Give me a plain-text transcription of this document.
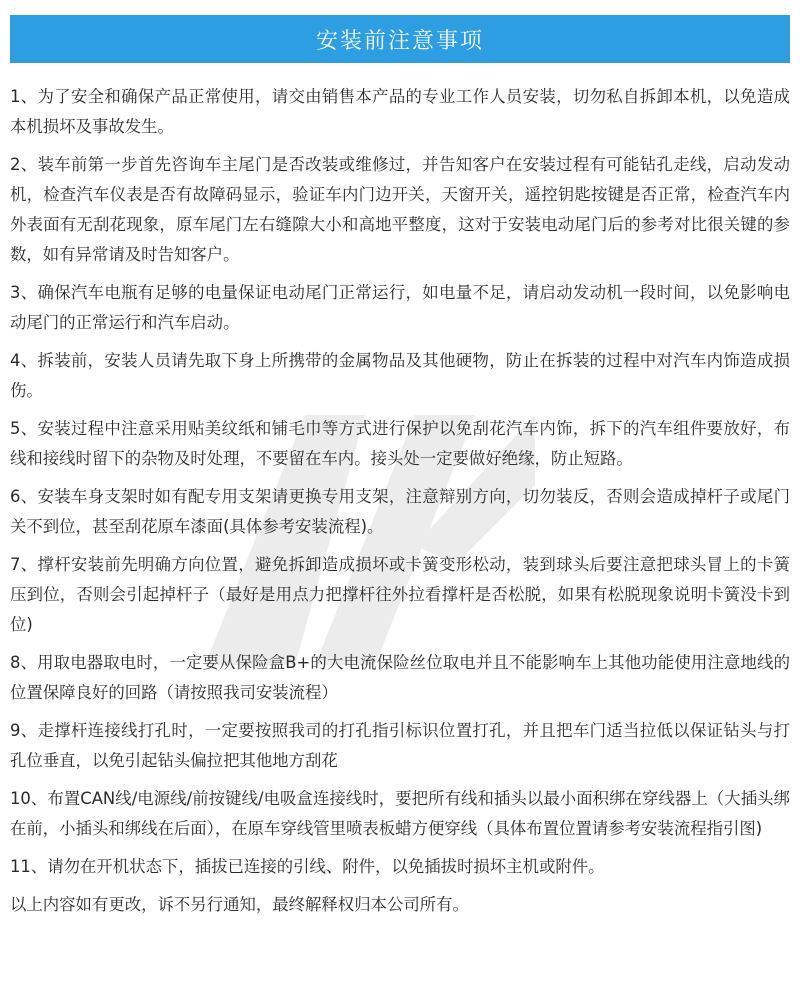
安装前注意事项

1、为了安全和确保产品正常使用，请交由销售本产品的专业工作人员安装，切勿私自拆卸本机，以免造成本机损坏及事故发生。

2、装车前第一步首先咨询车主尾门是否改装或维修过，并告知客户在安装过程有可能钻孔走线，启动发动机，检查汽车仪表是否有故障码显示，验证车内门边开关，天窗开关，遥控钥匙按键是否正常，检查汽车内外表面有无刮花现象，原车尾门左右缝隙大小和高地平整度，这对于安装电动尾门后的参考对比很关键的参数，如有异常请及时告知客户。

3、确保汽车电瓶有足够的电量保证电动尾门正常运行，如电量不足，请启动发动机一段时间，以免影响电动尾门的正常运行和汽车启动。

4、拆装前，安装人员请先取下身上所携带的金属物品及其他硬物，防止在拆装的过程中对汽车内饰造成损伤。

5、安装过程中注意采用贴美纹纸和铺毛巾等方式进行保护以免刮花汽车内饰，拆下的汽车组件要放好，布线和接线时留下的杂物及时处理，不要留在车内。接头处一定要做好绝缘，防止短路。

6、安装车身支架时如有配专用支架请更换专用支架，注意辩别方向，切勿装反，否则会造成掉杆子或尾门关不到位，甚至刮花原车漆面(具体参考安装流程)。

7、撑杆安装前先明确方向位置，避免拆卸造成损坏或卡簧变形松动，装到球头后要注意把球头冒上的卡簧压到位，否则会引起掉杆子（最好是用点力把撑杆往外拉看撑杆是否松脱，如果有松脱现象说明卡簧没卡到位)

8、用取电器取电时，一定要从保险盒B+的大电流保险丝位取电并且不能影响车上其他功能使用注意地线的位置保障良好的回路（请按照我司安装流程）

9、走撑杆连接线打孔时，一定要按照我司的打孔指引标识位置打孔，并且把车门适当拉低以保证钻头与打孔位垂直，以免引起钻头偏拉把其他地方刮花

10、布置CAN线/电源线/前按键线/电吸盒连接线时，要把所有线和插头以最小面积绑在穿线器上（大插头绑在前，小插头和绑线在后面），在原车穿线管里喷表板蜡方便穿线（具体布置位置请参考安装流程指引图)

11、请勿在开机状态下，插拔已连接的引线、附件，以免插拔时损坏主机或附件。

以上内容如有更改，诉不另行通知，最终解释权归本公司所有。
